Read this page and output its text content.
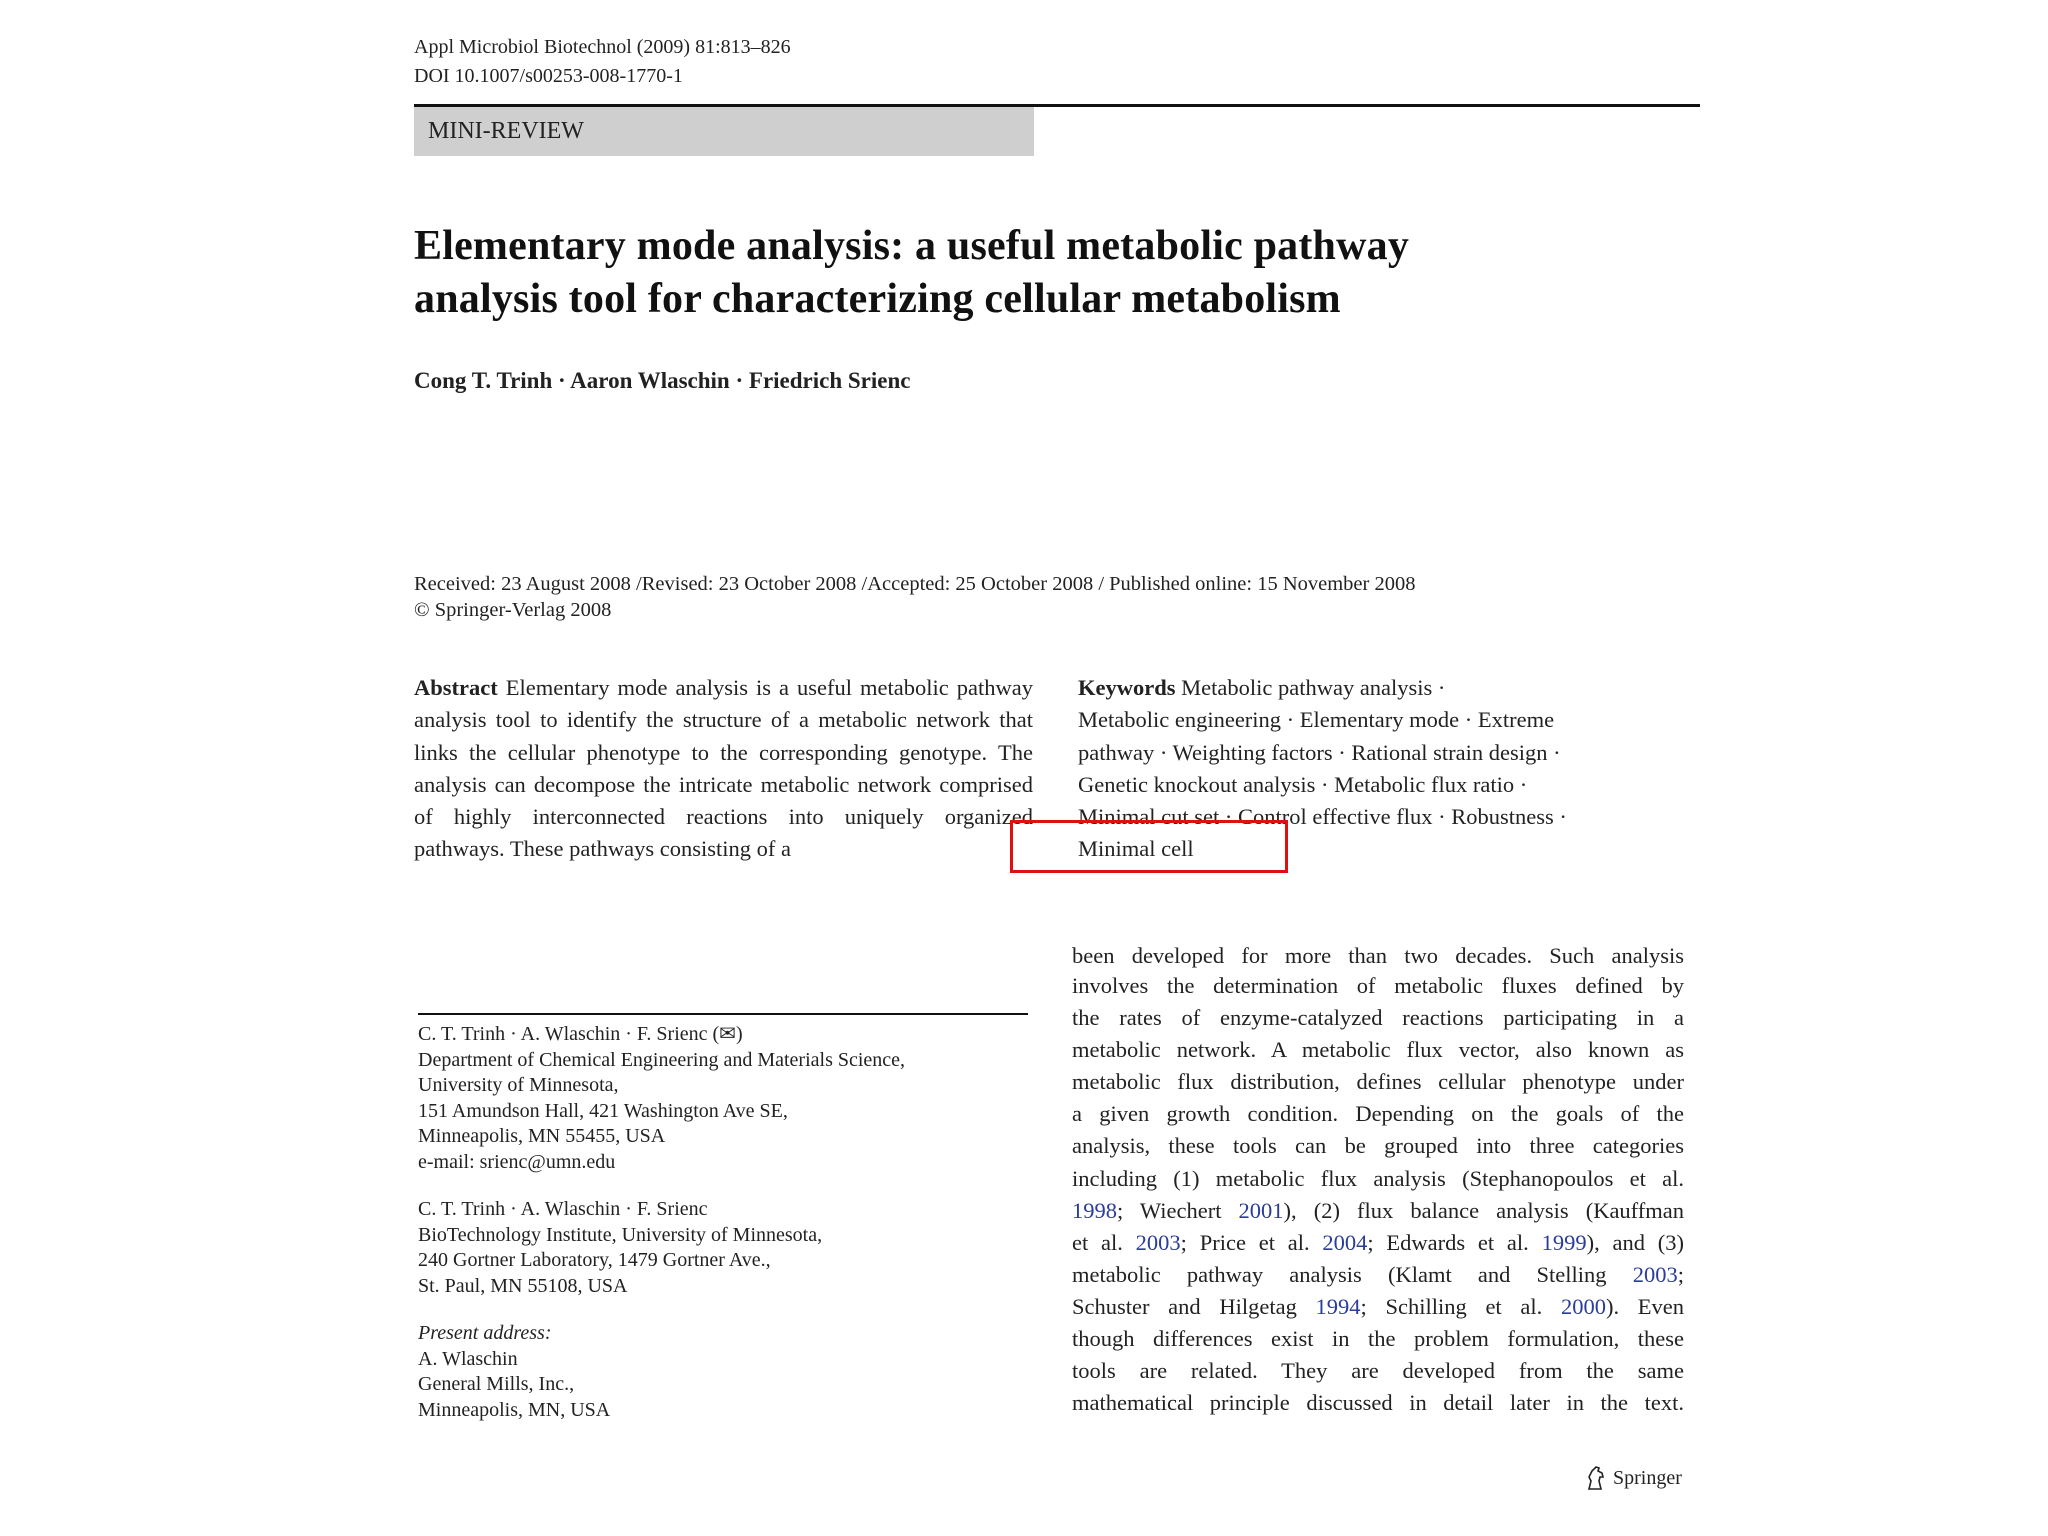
Appl Microbiol Biotechnol (2009) 81:813–826
DOI 10.1007/s00253-008-1770-1
MINI-REVIEW
Elementary mode analysis: a useful metabolic pathway
analysis tool for characterizing cellular metabolism
Cong T. Trinh · Aaron Wlaschin · Friedrich Srienc
Received: 23 August 2008 /Revised: 23 October 2008 /Accepted: 25 October 2008 / Published online: 15 November 2008
© Springer-Verlag 2008
Abstract Elementary mode analysis is a useful metabolic pathway analysis tool to identify the structure of a metabolic network that links the cellular phenotype to the corresponding genotype. The analysis can decompose the intricate metabolic network comprised of highly interconnected reactions into uniquely organized pathways. These pathways consisting of a
Keywords Metabolic pathway analysis ·
Metabolic engineering · Elementary mode · Extreme
pathway · Weighting factors · Rational strain design ·
Genetic knockout analysis · Metabolic flux ratio ·
Minimal cut set · Control effective flux · Robustness ·
Minimal cell

C. T. Trinh · A. Wlaschin · F. Srienc (✉)

Department of Chemical Engineering and Materials Science,

University of Minnesota,

151 Amundson Hall, 421 Washington Ave SE,

Minneapolis, MN 55455, USA

e-mail: srienc@umn.edu

C. T. Trinh · A. Wlaschin · F. Srienc

BioTechnology Institute, University of Minnesota,

240 Gortner Laboratory, 1479 Gortner Ave.,

St. Paul, MN 55108, USA

Present address:

A. Wlaschin

General Mills, Inc.,

Minneapolis, MN, USA

been developed for more than two decades. Such analysis
involves the determination of metabolic fluxes defined by
the rates of enzyme-catalyzed reactions participating in a
metabolic network. A metabolic flux vector, also known as
metabolic flux distribution, defines cellular phenotype under
a given growth condition. Depending on the goals of the
analysis, these tools can be grouped into three categories
including (1) metabolic flux analysis (Stephanopoulos et al.
1998; Wiechert 2001), (2) flux balance analysis (Kauffman
et al. 2003; Price et al. 2004; Edwards et al. 1999), and (3)
metabolic pathway analysis (Klamt and Stelling 2003;
Schuster and Hilgetag 1994; Schilling et al. 2000). Even
though differences exist in the problem formulation, these
tools are related. They are developed from the same
mathematical principle discussed in detail later in the text.
Springer
